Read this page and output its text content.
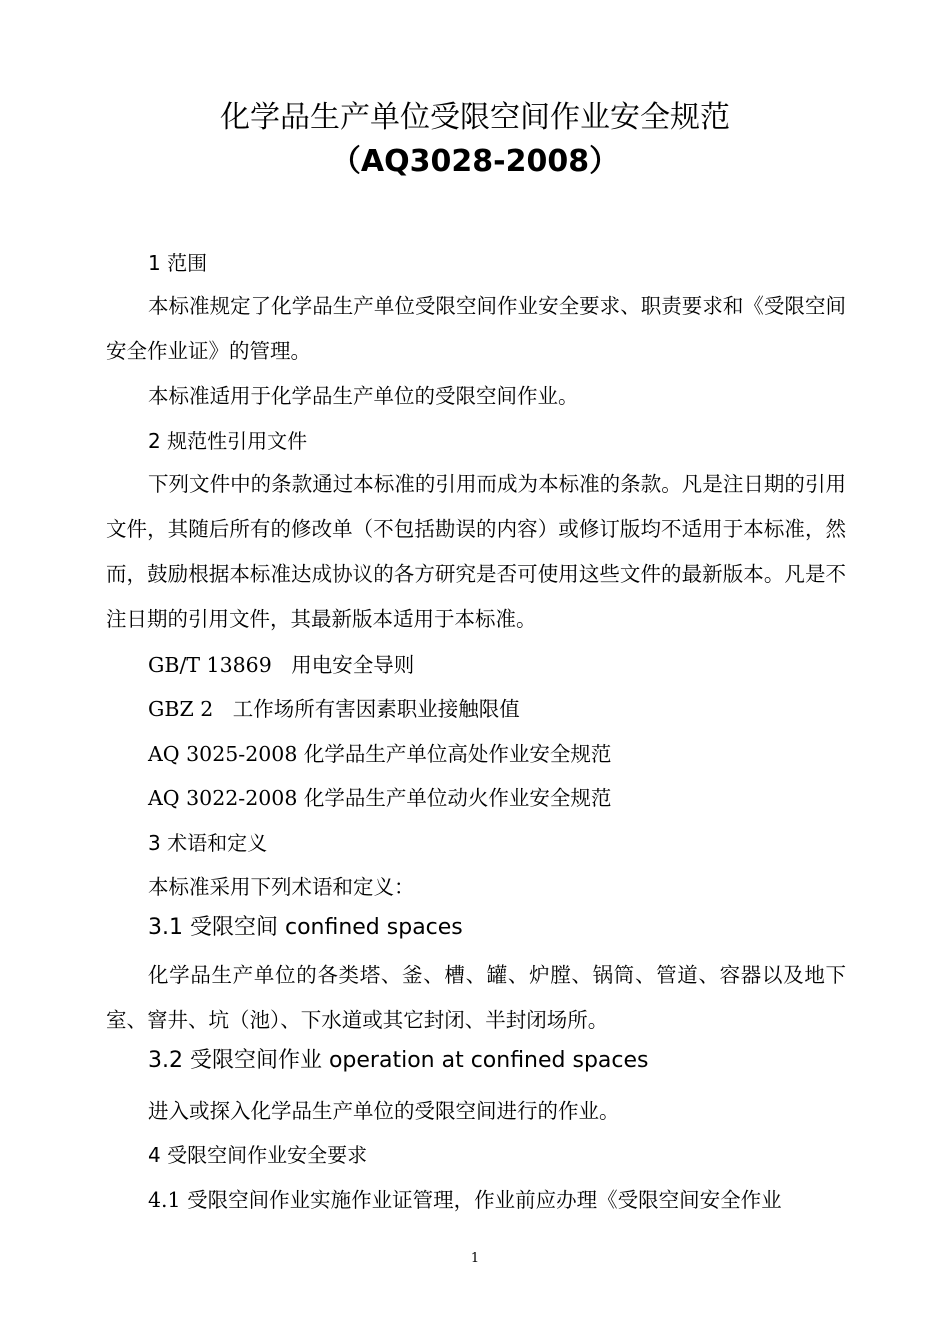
化学品生产单位受限空间作业安全规范
（AQ3028-2008）
1 范围
本标准规定了化学品生产单位受限空间作业安全要求、职责要求和《受限空间安全作业证》的管理。
本标准适用于化学品生产单位的受限空间作业。
2 规范性引用文件
下列文件中的条款通过本标准的引用而成为本标准的条款。凡是注日期的引用文件，其随后所有的修改单（不包括勘误的内容）或修订版均不适用于本标准，然而，鼓励根据本标准达成协议的各方研究是否可使用这些文件的最新版本。凡是不注日期的引用文件，其最新版本适用于本标准。
GB/T 13869   用电安全导则
GBZ 2   工作场所有害因素职业接触限值
AQ 3025-2008 化学品生产单位高处作业安全规范
AQ 3022-2008 化学品生产单位动火作业安全规范
3 术语和定义
本标准采用下列术语和定义：
3.1 受限空间 confined spaces
化学品生产单位的各类塔、釜、槽、罐、炉膛、锅筒、管道、容器以及地下室、窨井、坑（池）、下水道或其它封闭、半封闭场所。
3.2 受限空间作业 operation at confined spaces
进入或探入化学品生产单位的受限空间进行的作业。
4 受限空间作业安全要求
4.1 受限空间作业实施作业证管理，作业前应办理《受限空间安全作业
1
